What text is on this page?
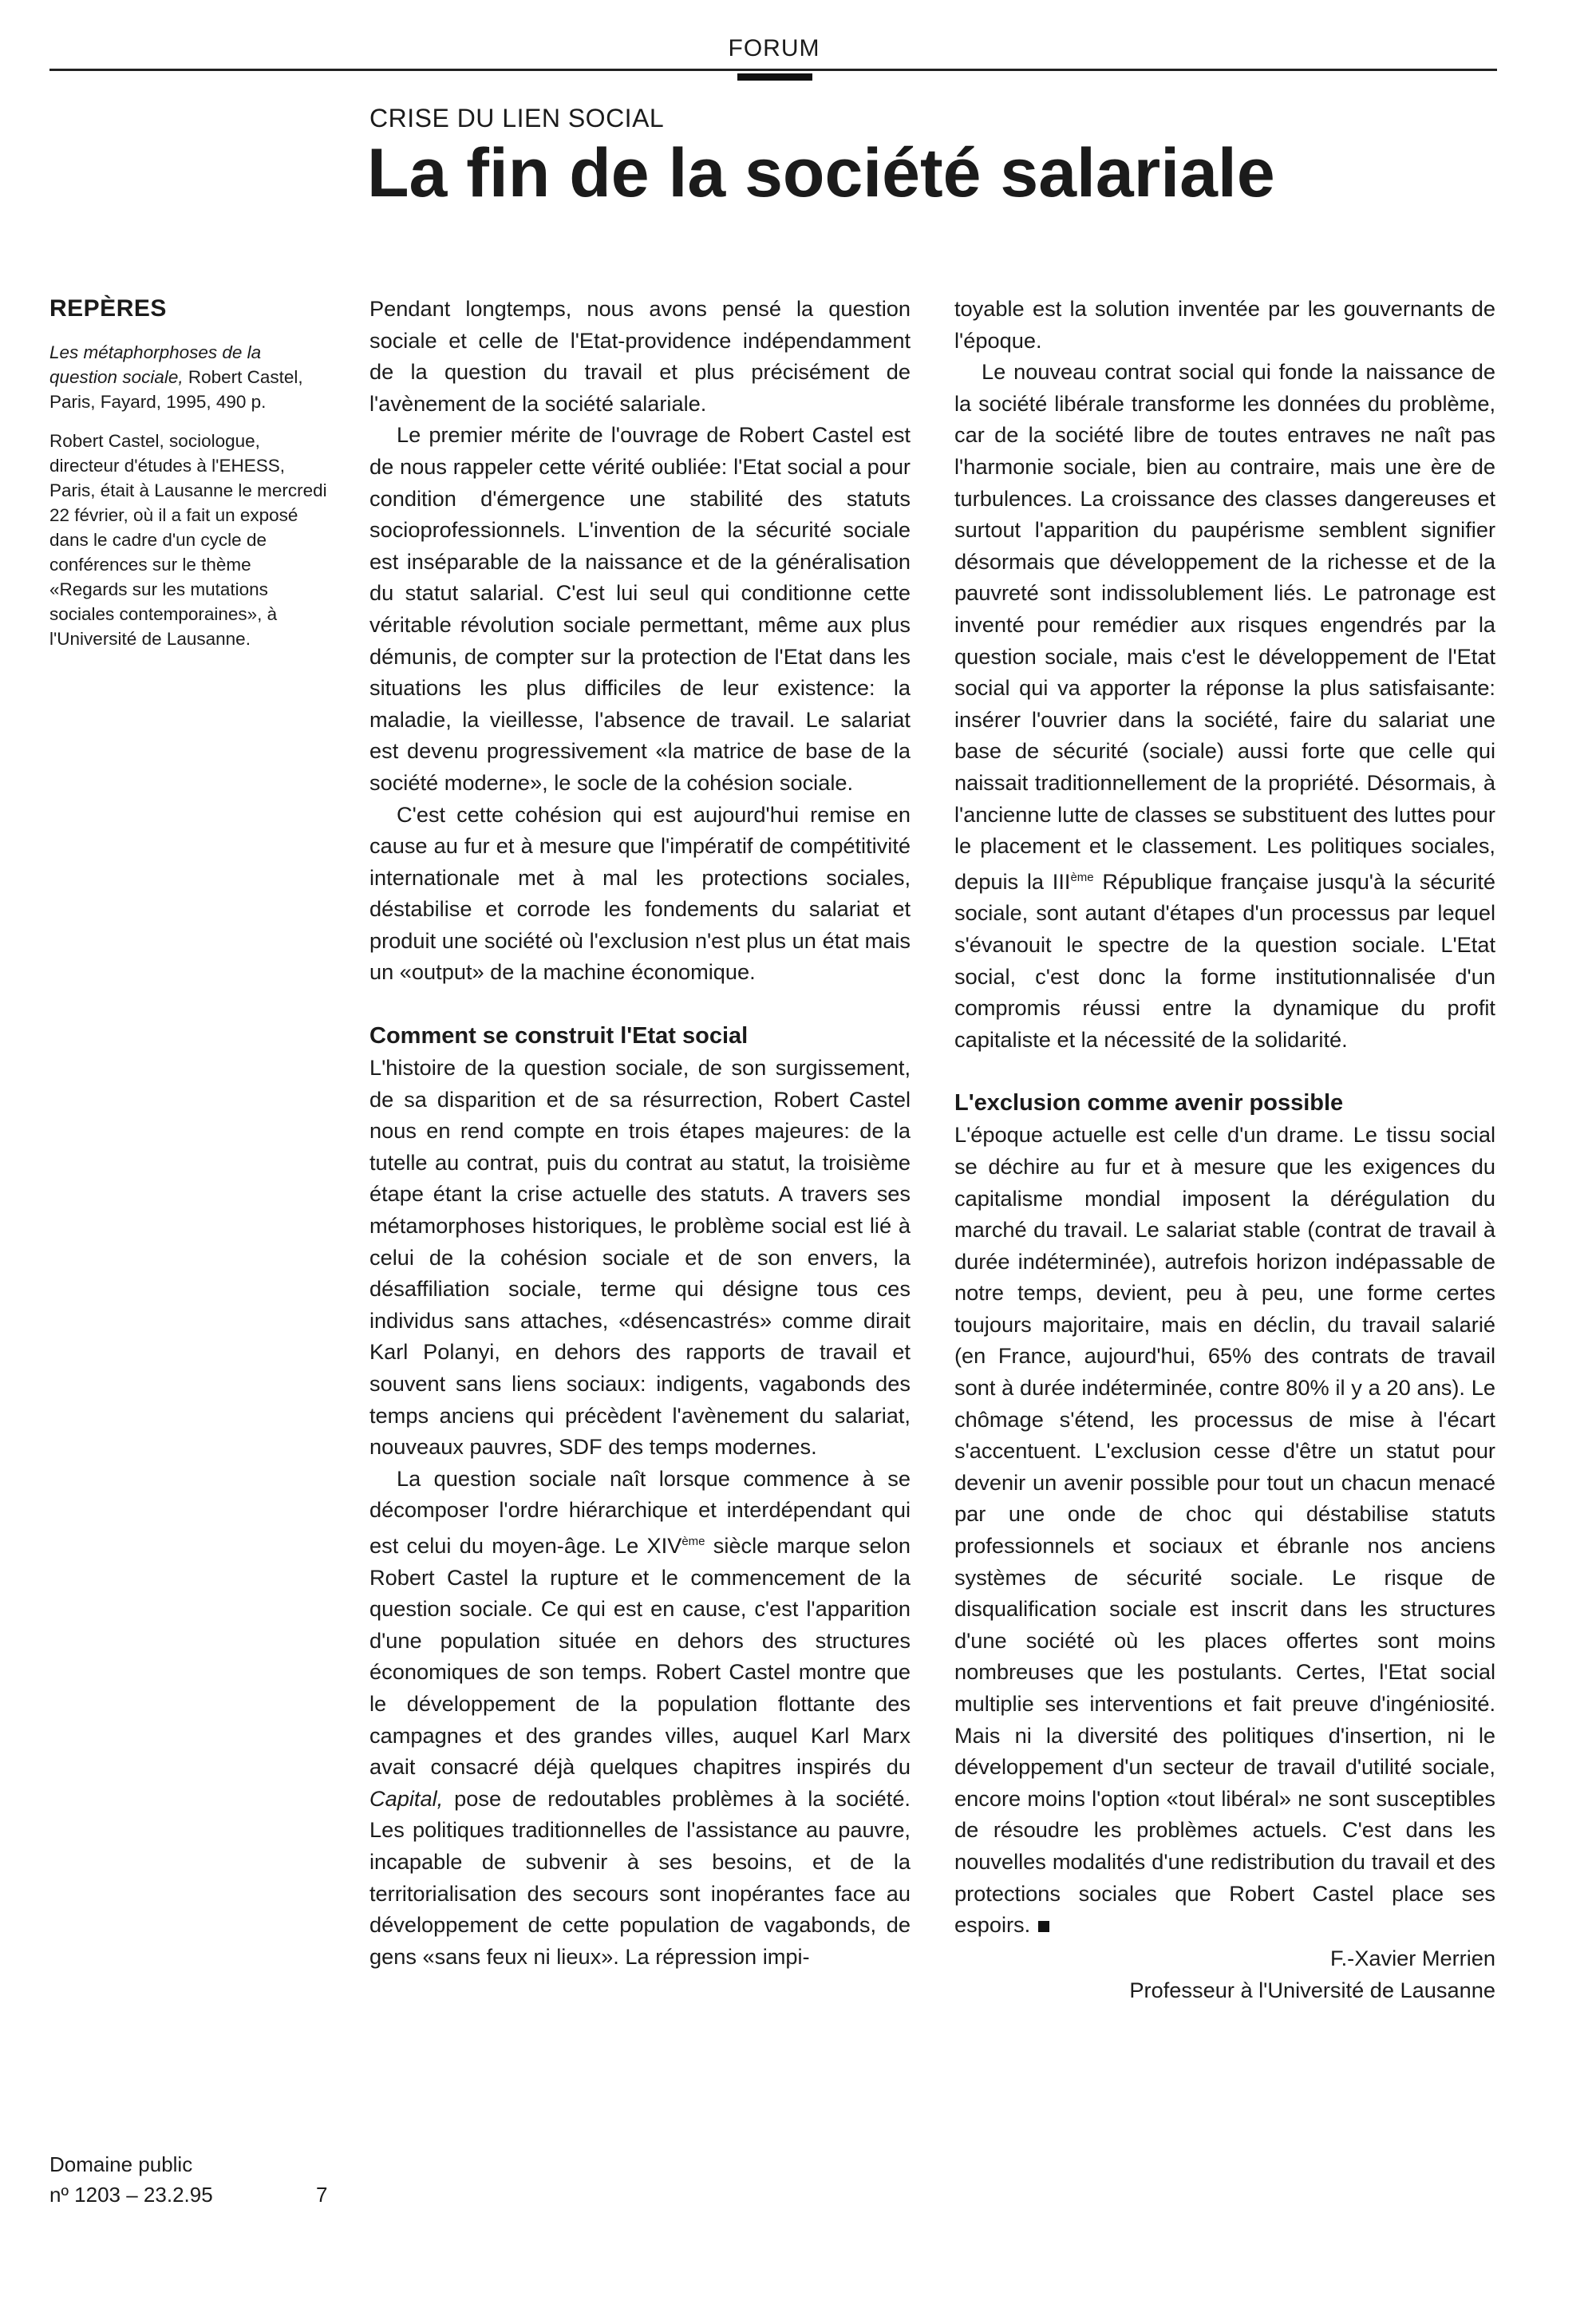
FORUM
CRISE DU LIEN SOCIAL
La fin de la société salariale
REPÈRES

Les métaphorphoses de la question sociale, Robert Castel, Paris, Fayard, 1995, 490 p.

Robert Castel, sociologue, directeur d'études à l'EHESS, Paris, était à Lausanne le mercredi 22 février, où il a fait un exposé dans le cadre d'un cycle de conférences sur le thème «Regards sur les mutations sociales contemporaines», à l'Université de Lausanne.

Domaine public
nº 1203 – 23.2.95	7

Pendant longtemps, nous avons pensé la question sociale et celle de l'Etat-providence indépendamment de la question du travail et plus précisément de l'avènement de la société salariale.

Le premier mérite de l'ouvrage de Robert Castel est de nous rappeler cette vérité oubliée: l'Etat social a pour condition d'émergence une stabilité des statuts socioprofessionnels. L'invention de la sécurité sociale est inséparable de la naissance et de la généralisation du statut salarial. C'est lui seul qui conditionne cette véritable révolution sociale permettant, même aux plus démunis, de compter sur la protection de l'Etat dans les situations les plus difficiles de leur existence: la maladie, la vieillesse, l'absence de travail. Le salariat est devenu progressivement «la matrice de base de la société moderne», le socle de la cohésion sociale.

C'est cette cohésion qui est aujourd'hui remise en cause au fur et à mesure que l'impératif de compétitivité internationale met à mal les protections sociales, déstabilise et corrode les fondements du salariat et produit une société où l'exclusion n'est plus un état mais un «output» de la machine économique.

Comment se construit l'Etat social

L'histoire de la question sociale, de son surgissement, de sa disparition et de sa résurrection, Robert Castel nous en rend compte en trois étapes majeures: de la tutelle au contrat, puis du contrat au statut, la troisième étape étant la crise actuelle des statuts. A travers ses métamorphoses historiques, le problème social est lié à celui de la cohésion sociale et de son envers, la désaffiliation sociale, terme qui désigne tous ces individus sans attaches, «désencastrés» comme dirait Karl Polanyi, en dehors des rapports de travail et souvent sans liens sociaux: indigents, vagabonds des temps anciens qui précèdent l'avènement du salariat, nouveaux pauvres, SDF des temps modernes.

La question sociale naît lorsque commence à se décomposer l'ordre hiérarchique et interdépendant qui est celui du moyen-âge. Le XIVème siècle marque selon Robert Castel la rupture et le commencement de la question sociale. Ce qui est en cause, c'est l'apparition d'une population située en dehors des structures économiques de son temps. Robert Castel montre que le développement de la population flottante des campagnes et des grandes villes, auquel Karl Marx avait consacré déjà quelques chapitres inspirés du Capital, pose de redoutables problèmes à la société. Les politiques traditionnelles de l'assistance au pauvre, incapable de subvenir à ses besoins, et de la territorialisation des secours sont inopérantes face au développement de cette population de vagabonds, de gens «sans feux ni lieux». La répression impi-

toyable est la solution inventée par les gouvernants de l'époque.

Le nouveau contrat social qui fonde la naissance de la société libérale transforme les données du problème, car de la société libre de toutes entraves ne naît pas l'harmonie sociale, bien au contraire, mais une ère de turbulences. La croissance des classes dangereuses et surtout l'apparition du paupérisme semblent signifier désormais que développement de la richesse et de la pauvreté sont indissolublement liés. Le patronage est inventé pour remédier aux risques engendrés par la question sociale, mais c'est le développement de l'Etat social qui va apporter la réponse la plus satisfaisante: insérer l'ouvrier dans la société, faire du salariat une base de sécurité (sociale) aussi forte que celle qui naissait traditionnellement de la propriété. Désormais, à l'ancienne lutte de classes se substituent des luttes pour le placement et le classement. Les politiques sociales, depuis la IIIème République française jusqu'à la sécurité sociale, sont autant d'étapes d'un processus par lequel s'évanouit le spectre de la question sociale. L'Etat social, c'est donc la forme institutionnalisée d'un compromis réussi entre la dynamique du profit capitaliste et la nécessité de la solidarité.

L'exclusion comme avenir possible

L'époque actuelle est celle d'un drame. Le tissu social se déchire au fur et à mesure que les exigences du capitalisme mondial imposent la dérégulation du marché du travail. Le salariat stable (contrat de travail à durée indéterminée), autrefois horizon indépassable de notre temps, devient, peu à peu, une forme certes toujours majoritaire, mais en déclin, du travail salarié (en France, aujourd'hui, 65% des contrats de travail sont à durée indéterminée, contre 80% il y a 20 ans). Le chômage s'étend, les processus de mise à l'écart s'accentuent. L'exclusion cesse d'être un statut pour devenir un avenir possible pour tout un chacun menacé par une onde de choc qui déstabilise statuts professionnels et sociaux et ébranle nos anciens systèmes de sécurité sociale. Le risque de disqualification sociale est inscrit dans les structures d'une société où les places offertes sont moins nombreuses que les postulants. Certes, l'Etat social multiplie ses interventions et fait preuve d'ingéniosité. Mais ni la diversité des politiques d'insertion, ni le développement d'un secteur de travail d'utilité sociale, encore moins l'option «tout libéral» ne sont susceptibles de résoudre les problèmes actuels. C'est dans les nouvelles modalités d'une redistribution du travail et des protections sociales que Robert Castel place ses espoirs.

F.-Xavier Merrien
Professeur à l'Université de Lausanne
